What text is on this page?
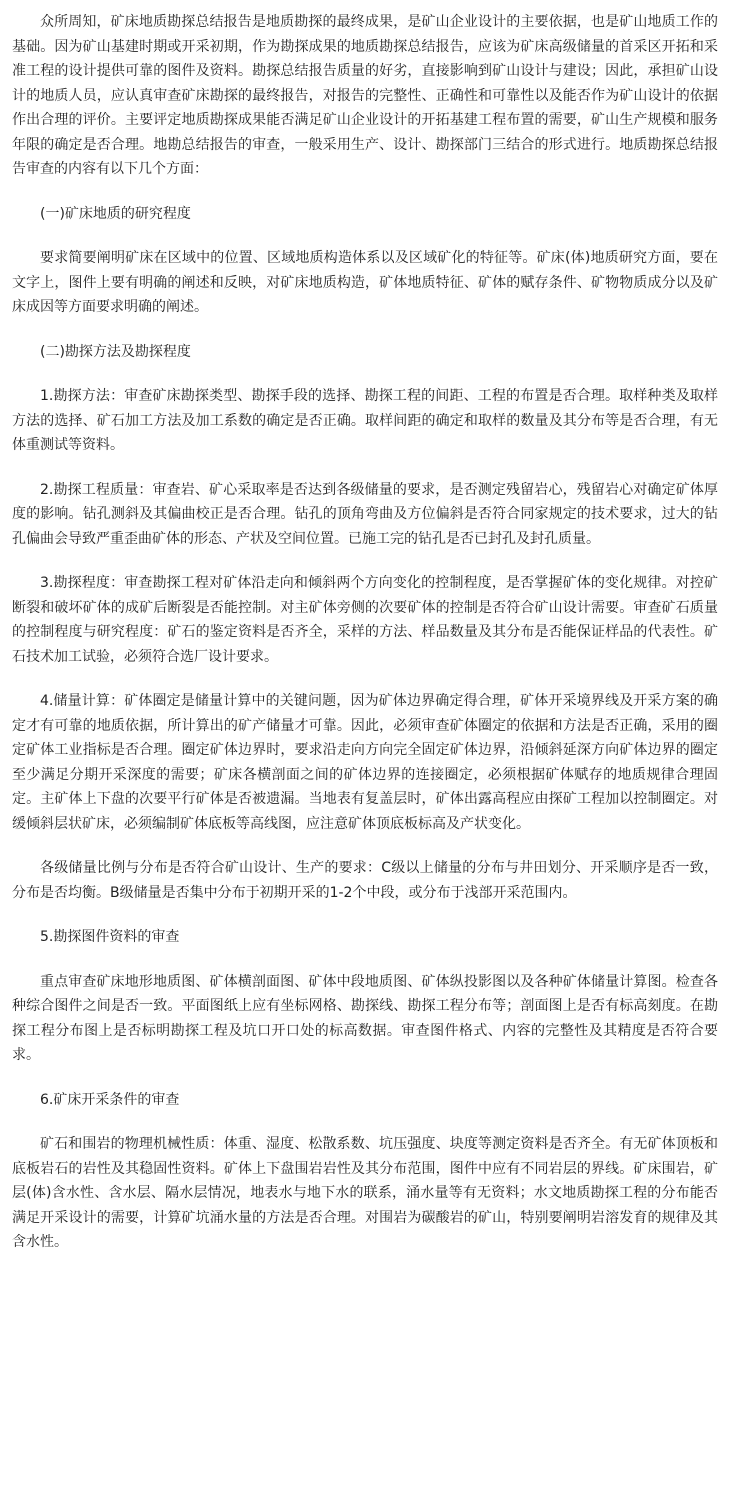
众所周知，矿床地质勘探总结报告是地质勘探的最终成果，是矿山企业设计的主要依据，也是矿山地质工作的基础。因为矿山基建时期或开采初期，作为勘探成果的地质勘探总结报告，应该为矿床高级储量的首采区开拓和采准工程的设计提供可靠的图件及资料。勘探总结报告质量的好劣，直接影响到矿山设计与建设；因此，承担矿山设计的地质人员，应认真审查矿床勘探的最终报告，对报告的完整性、正确性和可靠性以及能否作为矿山设计的依据作出合理的评价。主要评定地质勘探成果能否满足矿山企业设计的开拓基建工程布置的需要，矿山生产规模和服务年限的确定是否合理。地勘总结报告的审查，一般采用生产、设计、勘探部门三结合的形式进行。地质勘探总结报告审查的内容有以下几个方面：

(一)矿床地质的研究程度

要求简要阐明矿床在区域中的位置、区域地质构造体系以及区域矿化的特征等。矿床(体)地质研究方面，要在文字上，图件上要有明确的阐述和反映，对矿床地质构造，矿体地质特征、矿体的赋存条件、矿物物质成分以及矿床成因等方面要求明确的阐述。

(二)勘探方法及勘探程度

1.勘探方法：审查矿床勘探类型、勘探手段的选择、勘探工程的间距、工程的布置是否合理。取样种类及取样方法的选择、矿石加工方法及加工系数的确定是否正确。取样间距的确定和取样的数量及其分布等是否合理，有无体重测试等资料。

2.勘探工程质量：审查岩、矿心采取率是否达到各级储量的要求，是否测定残留岩心，残留岩心对确定矿体厚度的影响。钻孔测斜及其偏曲校正是否合理。钻孔的顶角弯曲及方位偏斜是否符合同家规定的技术要求，过大的钻孔偏曲会导致严重歪曲矿体的形态、产状及空间位置。已施工完的钻孔是否已封孔及封孔质量。

3.勘探程度：审查勘探工程对矿体沿走向和倾斜两个方向变化的控制程度，是否掌握矿体的变化规律。对控矿断裂和破坏矿体的成矿后断裂是否能控制。对主矿体旁侧的次要矿体的控制是否符合矿山设计需要。审查矿石质量的控制程度与研究程度：矿石的鉴定资料是否齐全，采样的方法、样品数量及其分布是否能保证样品的代表性。矿石技术加工试验，必须符合选厂设计要求。

4.储量计算：矿体圈定是储量计算中的关键问题，因为矿体边界确定得合理，矿体开采境界线及开采方案的确定才有可靠的地质依据，所计算出的矿产储量才可靠。因此，必须审查矿体圈定的依据和方法是否正确，采用的圈定矿体工业指标是否合理。圈定矿体边界时，要求沿走向方向完全固定矿体边界，沿倾斜延深方向矿体边界的圈定至少满足分期开采深度的需要；矿床各横剖面之间的矿体边界的连接圈定，必须根据矿体赋存的地质规律合理固定。主矿体上下盘的次要平行矿体是否被遗漏。当地表有复盖层时，矿体出露高程应由探矿工程加以控制圈定。对缓倾斜层状矿床，必须编制矿体底板等高线图，应注意矿体顶底板标高及产状变化。

各级储量比例与分布是否符合矿山设计、生产的要求：C级以上储量的分布与井田划分、开采顺序是否一致，分布是否均衡。B级储量是否集中分布于初期开采的1-2个中段，或分布于浅部开采范围内。

5.勘探图件资料的审查

重点审查矿床地形地质图、矿体横剖面图、矿体中段地质图、矿体纵投影图以及各种矿体储量计算图。检查各种综合图件之间是否一致。平面图纸上应有坐标网格、勘探线、勘探工程分布等；剖面图上是否有标高刻度。在勘探工程分布图上是否标明勘探工程及坑口开口处的标高数据。审查图件格式、内容的完整性及其精度是否符合要求。

6.矿床开采条件的审查

矿石和围岩的物理机械性质：体重、湿度、松散系数、坑压强度、块度等测定资料是否齐全。有无矿体顶板和底板岩石的岩性及其稳固性资料。矿体上下盘围岩岩性及其分布范围，图件中应有不同岩层的界线。矿床围岩，矿层(体)含水性、含水层、隔水层情况，地表水与地下水的联系，涌水量等有无资料；水文地质勘探工程的分布能否满足开采设计的需要，计算矿坑涌水量的方法是否合理。对围岩为碳酸岩的矿山，特别要阐明岩溶发育的规律及其含水性。
